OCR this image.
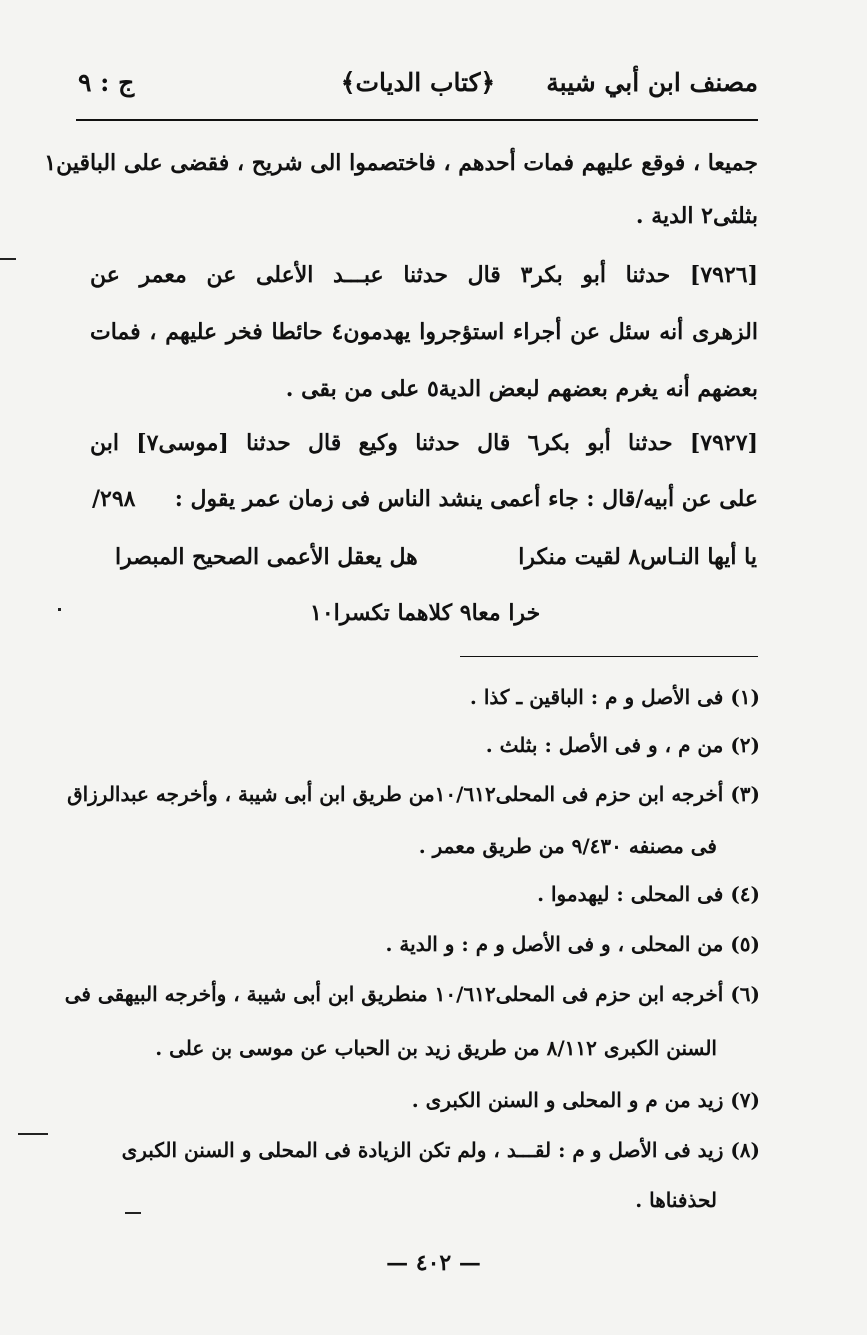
مصنف ابن أبي شيبة
﴿كتاب الديات﴾
ج : ٩
جميعا ، فوقع عليهم فمات أحدهم ، فاختصموا الى شريح ، فقضى على الباقين١
بثلثى٢ الدية .
[٧٩٢٦] حدثنا أبو بكر٣ قال حدثنا عبـــد الأعلى عن معمر عن
الزهرى أنه سئل عن أجراء استؤجروا يهدمون٤ حائطا فخر عليهم ، فمات
بعضهم أنه يغرم بعضهم لبعض الدية٥ على من بقى .
[٧٩٢٧] حدثنا أبو بكر٦ قال حدثنا وكيع قال حدثنا [موسى٧] ابن
على عن أبيه/قال : جاء أعمى ينشد الناس فى زمان عمر يقول :
٢٩٨/
يا أيها النـاس٨ لقيت منكرا
هل يعقل الأعمى الصحيح المبصرا
خرا معا٩ كلاهما تكسرا١٠
(١) فى الأصل و م : الباقين ـ كذا .
(٢) من م ، و فى الأصل : بثلث .
(٣) أخرجه ابن حزم فى المحلى١٠/٦١٢من طريق ابن أبى شيبة ، وأخرجه عبدالرزاق
فى مصنفه ٩/٤٣٠ من طريق معمر .
(٤) فى المحلى : ليهدموا .
(٥) من المحلى ، و فى الأصل و م : و الدية .
(٦) أخرجه ابن حزم فى المحلى١٠/٦١٢ منطريق ابن أبى شيبة ، وأخرجه البيهقى فى
السنن الكبرى ٨/١١٢ من طريق زيد بن الحباب عن موسى بن على .
(٧) زيد من م و المحلى و السنن الكبرى .
(٨) زيد فى الأصل و م : لقـــد ، ولم تكن الزيادة فى المحلى و السنن الكبرى
لحذفناها .
— ٤٠٢ —
